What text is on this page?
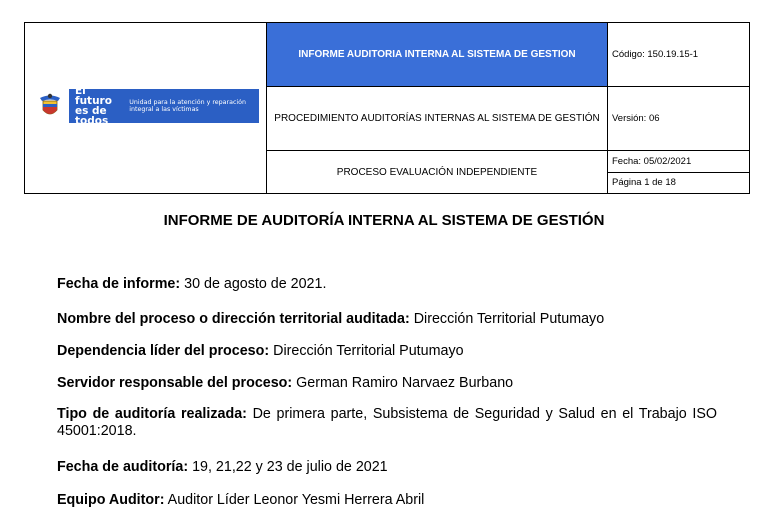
El futuro es de todos
Unidad para la atención y reparación integral a las víctimas	INFORME AUDITORIA INTERNA AL SISTEMA DE GESTION	Código: 150.19.15-1
	PROCEDIMIENTO AUDITORÍAS INTERNAS AL SISTEMA DE GESTIÓN	Versión: 06
	PROCESO EVALUACIÓN INDEPENDIENTE	Fecha: 05/02/2021
Página 1 de 18
INFORME DE AUDITORÍA INTERNA AL SISTEMA DE GESTIÓN
Fecha de informe: 30 de agosto de 2021.
Nombre del proceso o dirección territorial auditada: Dirección Territorial Putumayo
Dependencia líder del proceso: Dirección Territorial Putumayo
Servidor responsable del proceso: German Ramiro Narvaez Burbano
Tipo de auditoría realizada: De primera parte, Subsistema de Seguridad y Salud en el Trabajo ISO 45001:2018.
Fecha de auditoría: 19, 21,22 y 23 de julio de 2021
Equipo Auditor: Auditor Líder Leonor Yesmi Herrera Abril
